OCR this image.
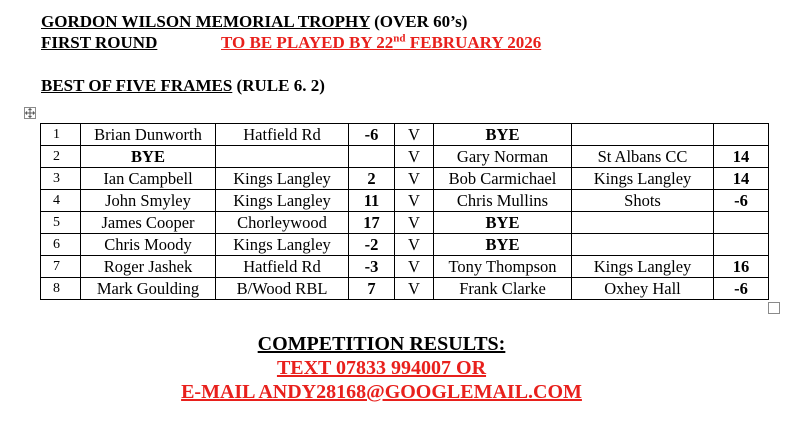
GORDON WILSON MEMORIAL TROPHY (OVER 60’s)
FIRST ROUND	TO BE PLAYED BY 22nd FEBRUARY 2026
BEST OF FIVE FRAMES (RULE 6. 2)
1	Brian Dunworth	Hatfield Rd	-6	V	BYE		
2	BYE			V	Gary Norman	St Albans CC	14
3	Ian Campbell	Kings Langley	2	V	Bob Carmichael	Kings Langley	14
4	John Smyley	Kings Langley	11	V	Chris Mullins	Shots	-6
5	James Cooper	Chorleywood	17	V	BYE		
6	Chris Moody	Kings Langley	-2	V	BYE		
7	Roger Jashek	Hatfield Rd	-3	V	Tony Thompson	Kings Langley	16
8	Mark Goulding	B/Wood RBL	7	V	Frank Clarke	Oxhey Hall	-6
COMPETITION RESULTS:
TEXT 07833 994007 OR
E-MAIL ANDY28168@GOOGLEMAIL.COM
